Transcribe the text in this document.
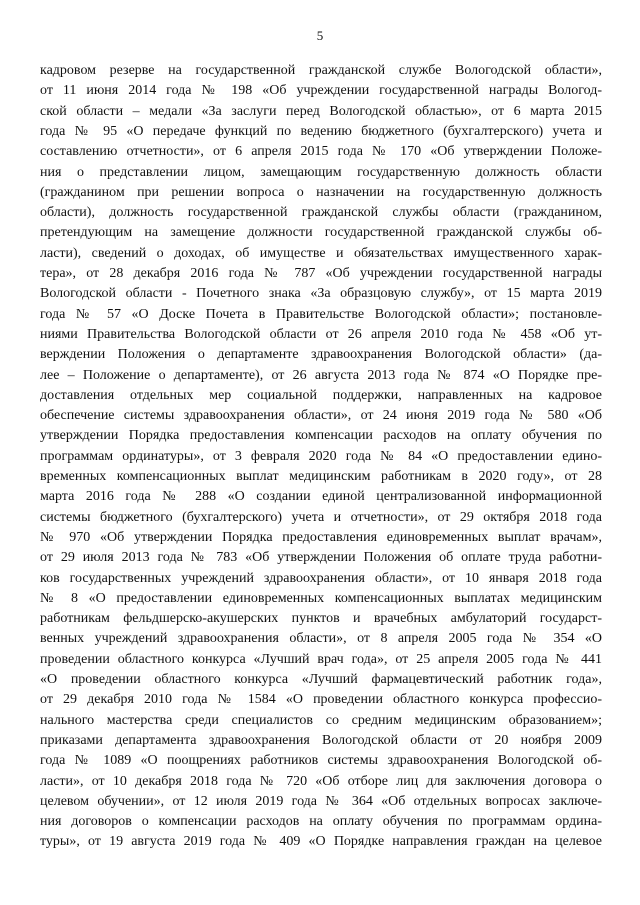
5
кадровом резерве на государственной гражданской службе Вологодской области»,
от 11 июня 2014 года № 198 «Об учреждении государственной награды Вологод-
ской области – медали «За заслуги перед Вологодской областью», от 6 марта 2015
года № 95 «О передаче функций по ведению бюджетного (бухгалтерского) учета и
составлению отчетности», от 6 апреля 2015 года № 170 «Об утверждении Положе-
ния о представлении лицом, замещающим государственную должность области
(гражданином при решении вопроса о назначении на государственную должность
области), должность государственной гражданской службы области (гражданином,
претендующим на замещение должности государственной гражданской службы об-
ласти), сведений о доходах, об имуществе и обязательствах имущественного харак-
тера», от 28 декабря 2016 года № 787 «Об учреждении государственной награды
Вологодской области - Почетного знака «За образцовую службу», от 15 марта 2019
года № 57 «О Доске Почета в Правительстве Вологодской области»; постановле-
ниями Правительства Вологодской области от 26 апреля 2010 года № 458 «Об ут-
верждении Положения о департаменте здравоохранения Вологодской области» (да-
лее – Положение о департаменте), от 26 августа 2013 года № 874 «О Порядке пре-
доставления отдельных мер социальной поддержки, направленных на кадровое
обеспечение системы здравоохранения области», от 24 июня 2019 года № 580 «Об
утверждении Порядка предоставления компенсации расходов на оплату обучения по
программам ординатуры», от 3 февраля 2020 года № 84 «О предоставлении едино-
временных компенсационных выплат медицинским работникам в 2020 году», от 28
марта 2016 года № 288 «О создании единой централизованной информационной
системы бюджетного (бухгалтерского) учета и отчетности», от 29 октября 2018 года
№ 970 «Об утверждении Порядка предоставления единовременных выплат врачам»,
от 29 июля 2013 года № 783 «Об утверждении Положения об оплате труда работни-
ков государственных учреждений здравоохранения области», от 10 января 2018 года
№ 8 «О предоставлении единовременных компенсационных выплатах медицинским
работникам фельдшерско-акушерских пунктов и врачебных амбулаторий государст-
венных учреждений здравоохранения области», от 8 апреля 2005 года № 354 «О
проведении областного конкурса «Лучший врач года», от 25 апреля 2005 года № 441
«О проведении областного конкурса «Лучший фармацевтический работник года»,
от 29 декабря 2010 года № 1584 «О проведении областного конкурса профессио-
нального мастерства среди специалистов со средним медицинским образованием»;
приказами департамента здравоохранения Вологодской области от 20 ноября 2009
года № 1089 «О поощрениях работников системы здравоохранения Вологодской об-
ласти», от 10 декабря 2018 года № 720 «Об отборе лиц для заключения договора о
целевом обучении», от 12 июля 2019 года № 364 «Об отдельных вопросах заключе-
ния договоров о компенсации расходов на оплату обучения по программам ордина-
туры», от 19 августа 2019 года № 409 «О Порядке направления граждан на целевое
